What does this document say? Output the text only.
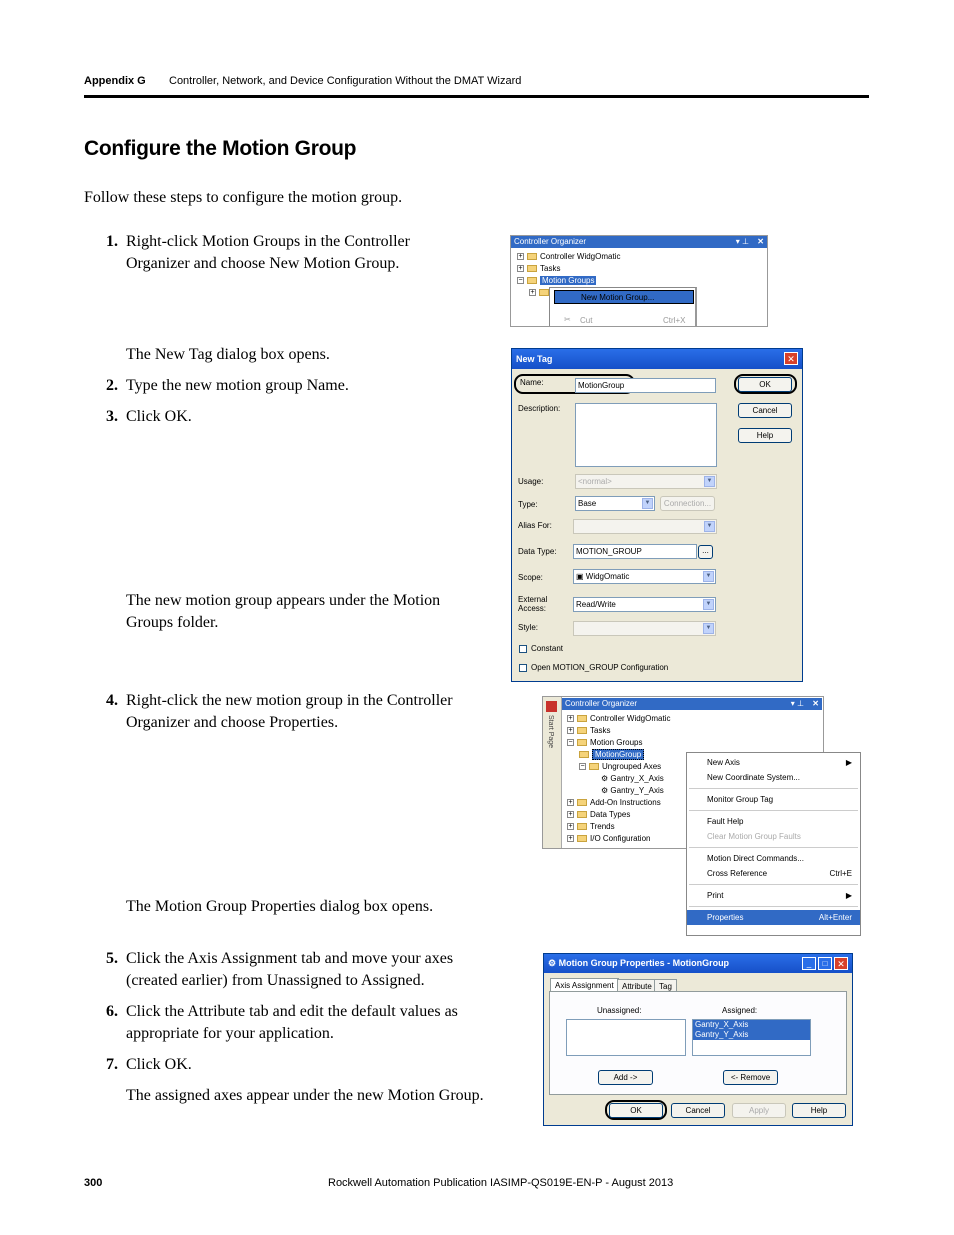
Appendix G Controller, Network, and Device Configuration Without the DMAT Wizard
Configure the Motion Group
Follow these steps to configure the motion group.
1. Right-click Motion Groups in the Controller
Organizer and choose New Motion Group.
The New Tag dialog box opens.
2. Type the new motion group Name.
3. Click OK.
The new motion group appears under the Motion
Groups folder.
4. Right-click the new motion group in the Controller
Organizer and choose Properties.
The Motion Group Properties dialog box opens.
5. Click the Axis Assignment tab and move your axes
(created earlier) from Unassigned to Assigned.
6. Click the Attribute tab and edit the default values as
appropriate for your application.
7. Click OK.
The assigned axes appear under the new Motion Group.
300	Rockwell Automation Publication IASIMP-QS019E-EN-P - August 2013
Controller Organizer	▾ ⊥ ✕
+ Controller WidgOmatic
+ Tasks
− Motion Groups
+
New Motion Group...
✂ Cut	Ctrl+X
New Tag	✕
Name:	MotionGroup	OK
Cancel
Help
Description:
Usage:	<normal>	▼
Type:	Base	▼	Connection...
Alias For:	▼
Data Type:	MOTION_GROUP	...
Scope:	▣ WidgOmatic	▼
External
Access:	Read/Write	▼
Style:	▼
Constant
Open MOTION_GROUP Configuration
Start Page
Controller Organizer	▾ ⊥ ✕
+ Controller WidgOmatic
+ Tasks
− Motion Groups
MotionGroup
− Ungrouped Axes
⚙ Gantry_X_Axis
⚙ Gantry_Y_Axis
+ Add-On Instructions
+ Data Types
+ Trends
+ I/O Configuration
New Axis	▶
New Coordinate System...
Monitor Group Tag
Fault Help
Clear Motion Group Faults
Motion Direct Commands...
Cross Reference	Ctrl+E
Print	▶
Properties	Alt+Enter
⚙ Motion Group Properties - MotionGroup	_	□	✕
Axis Assignment	Attribute Tag
Unassigned:	Assigned:
Gantry_X_Axis
Gantry_Y_Axis
Add ->	<- Remove
OK	Cancel	Apply	Help
